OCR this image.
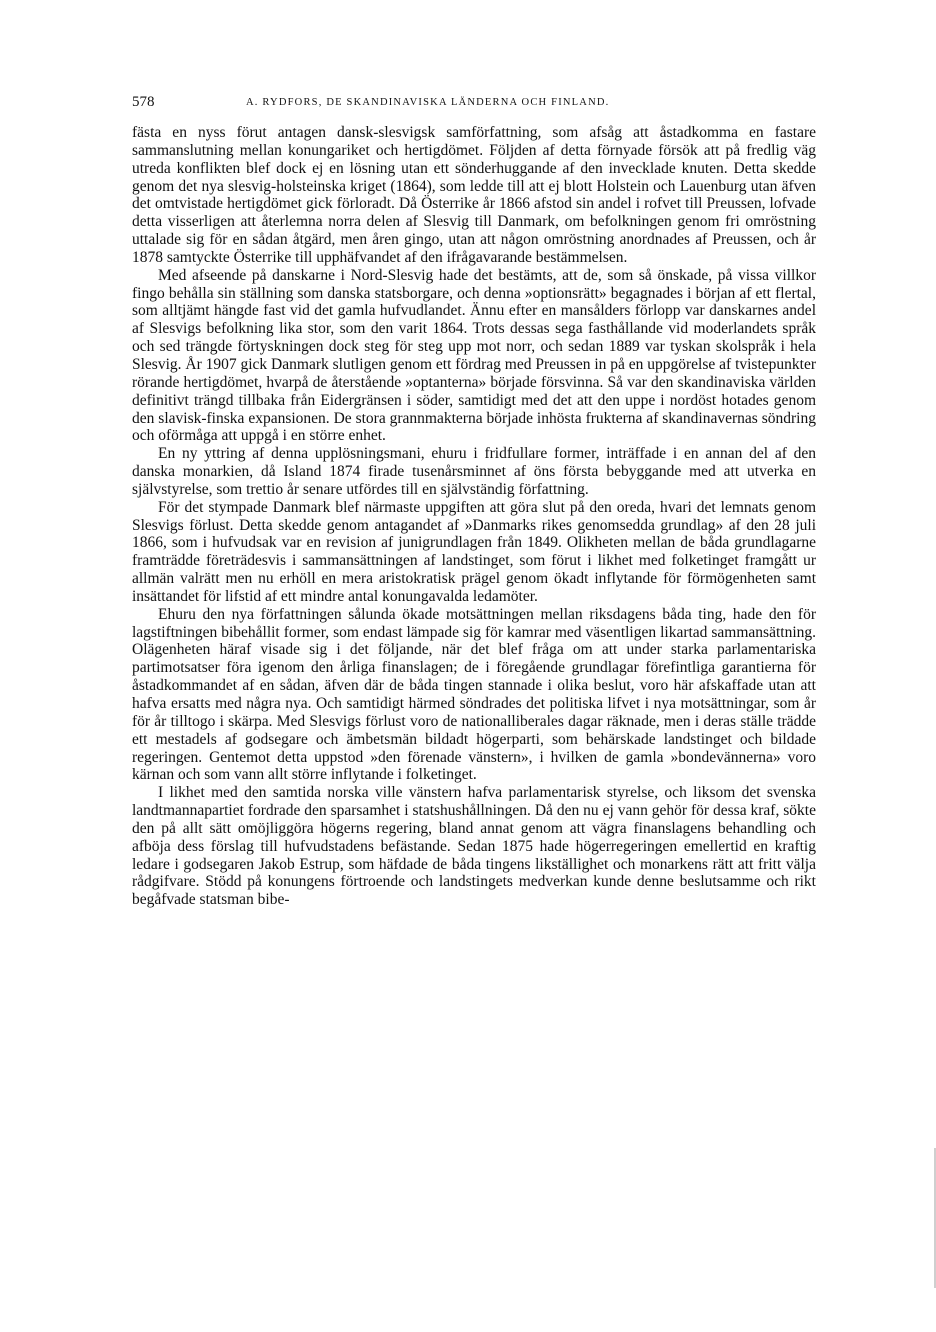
578	A. RYDFORS, DE SKANDINAVISKA LÄNDERNA OCH FINLAND.

fästa en nyss förut antagen dansk-slesvigsk samförfattning, som afsåg att åstadkomma en fastare sammanslutning mellan konungariket och hertigdömet. Följden af detta förnyade försök att på fredlig väg utreda konflikten blef dock ej en lösning utan ett sönderhuggande af den invecklade knuten. Detta skedde genom det nya slesvig-holsteinska kriget (1864), som ledde till att ej blott Holstein och Lauenburg utan äfven det omtvistade hertigdömet gick förloradt. Då Österrike år 1866 afstod sin andel i rofvet till Preussen, lofvade detta visserligen att återlemna norra delen af Slesvig till Danmark, om befolkningen genom fri omröstning uttalade sig för en sådan åtgärd, men åren gingo, utan att någon omröstning anordnades af Preussen, och år 1878 samtyckte Österrike till upphäfvandet af den ifrågavarande bestämmelsen.

Med afseende på danskarne i Nord-Slesvig hade det bestämts, att de, som så önskade, på vissa villkor fingo behålla sin ställning som danska statsborgare, och denna »optionsrätt» begagnades i början af ett flertal, som alltjämt hängde fast vid det gamla hufvudlandet. Ännu efter en mansålders förlopp var danskarnes andel af Slesvigs befolkning lika stor, som den varit 1864. Trots dessas sega fasthållande vid moderlandets språk och sed trängde förtyskningen dock steg för steg upp mot norr, och sedan 1889 var tyskan skolspråk i hela Slesvig. År 1907 gick Danmark slutligen genom ett fördrag med Preussen in på en uppgörelse af tvistepunkter rörande hertigdömet, hvarpå de återstående »optanterna» började försvinna. Så var den skandinaviska världen definitivt trängd tillbaka från Eidergränsen i söder, samtidigt med det att den uppe i nordöst hotades genom den slavisk-finska expansionen. De stora grannmakterna började inhösta frukterna af skandinavernas söndring och oförmåga att uppgå i en större enhet.

En ny yttring af denna upplösningsmani, ehuru i fridfullare former, inträffade i en annan del af den danska monarkien, då Island 1874 firade tusenårsminnet af öns första bebyggande med att utverka en självstyrelse, som trettio år senare utfördes till en självständig författning.

För det stympade Danmark blef närmaste uppgiften att göra slut på den oreda, hvari det lemnats genom Slesvigs förlust. Detta skedde genom antagandet af »Danmarks rikes genomsedda grundlag» af den 28 juli 1866, som i hufvudsak var en revision af junigrundlagen från 1849. Olikheten mellan de båda grundlagarne framträdde företrädesvis i sammansättningen af landstinget, som förut i likhet med folketinget framgått ur allmän valrätt men nu erhöll en mera aristokratisk prägel genom ökadt inflytande för förmögenheten samt insättandet för lifstid af ett mindre antal konungavalda ledamöter.

Ehuru den nya författningen sålunda ökade motsättningen mellan riksdagens båda ting, hade den för lagstiftningen bibehållit former, som endast lämpade sig för kamrar med väsentligen likartad sammansättning. Olägenheten häraf visade sig i det följande, när det blef fråga om att under starka parlamentariska partimotsatser föra igenom den årliga finanslagen; de i föregående grundlagar förefintliga garantierna för åstadkommandet af en sådan, äfven där de båda tingen stannade i olika beslut, voro här afskaffade utan att hafva ersatts med några nya. Och samtidigt härmed söndrades det politiska lifvet i nya motsättningar, som år för år tilltogo i skärpa. Med Slesvigs förlust voro de nationalliberales dagar räknade, men i deras ställe trädde ett mestadels af godsegare och ämbetsmän bildadt högerparti, som behärskade landstinget och bildade regeringen. Gentemot detta uppstod »den förenade vänstern», i hvilken de gamla »bondevännerna» voro kärnan och som vann allt större inflytande i folketinget.

I likhet med den samtida norska ville vänstern hafva parlamentarisk styrelse, och liksom det svenska landtmannapartiet fordrade den sparsamhet i statshushållningen. Då den nu ej vann gehör för dessa kraf, sökte den på allt sätt omöjliggöra högerns regering, bland annat genom att vägra finanslagens behandling och afböja dess förslag till hufvudstadens befästande. Sedan 1875 hade högerregeringen emellertid en kraftig ledare i godsegaren Jakob Estrup, som häfdade de båda tingens likställighet och monarkens rätt att fritt välja rådgifvare. Stödd på konungens förtroende och landstingets medverkan kunde denne beslutsamme och rikt begåfvade statsman bibe-
